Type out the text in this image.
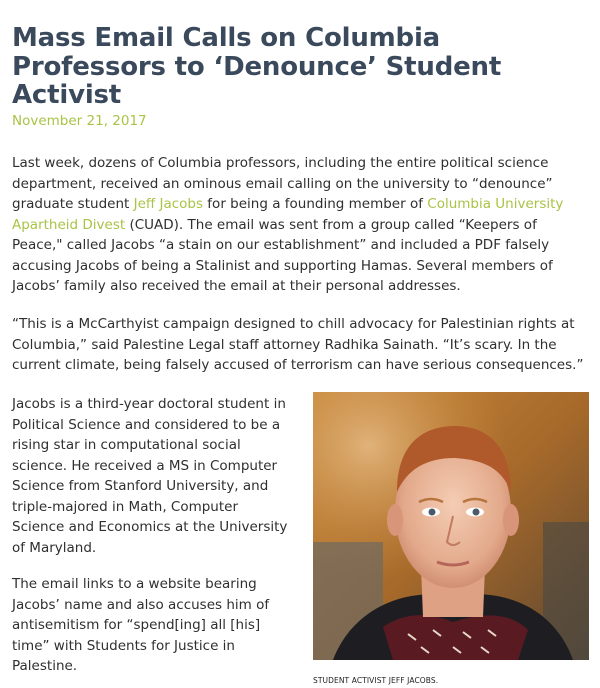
Mass Email Calls on Columbia Professors to ‘Denounce’ Student Activist
November 21, 2017

Last week, dozens of Columbia professors, including the entire political science department, received an ominous email calling on the university to “denounce” graduate student Jeff Jacobs for being a founding member of Columbia University Apartheid Divest (CUAD). The email was sent from a group called “Keepers of Peace," called Jacobs “a stain on our establishment” and included a PDF falsely accusing Jacobs of being a Stalinist and supporting Hamas. Several members of Jacobs’ family also received the email at their personal addresses.

“This is a McCarthyist campaign designed to chill advocacy for Palestinian rights at Columbia,” said Palestine Legal staff attorney Radhika Sainath. “It’s scary. In the current climate, being falsely accused of terrorism can have serious consequences.”

Jacobs is a third-year doctoral student in Political Science and considered to be a rising star in computational social science. He received a MS in Computer Science from Stanford University, and triple-majored in Math, Computer Science and Economics at the University of Maryland.

The email links to a website bearing Jacobs’ name and also accuses him of antisemitism for “spend[ing] all [his] time” with Students for Justice in Palestine.

STUDENT ACTIVIST JEFF JACOBS.
